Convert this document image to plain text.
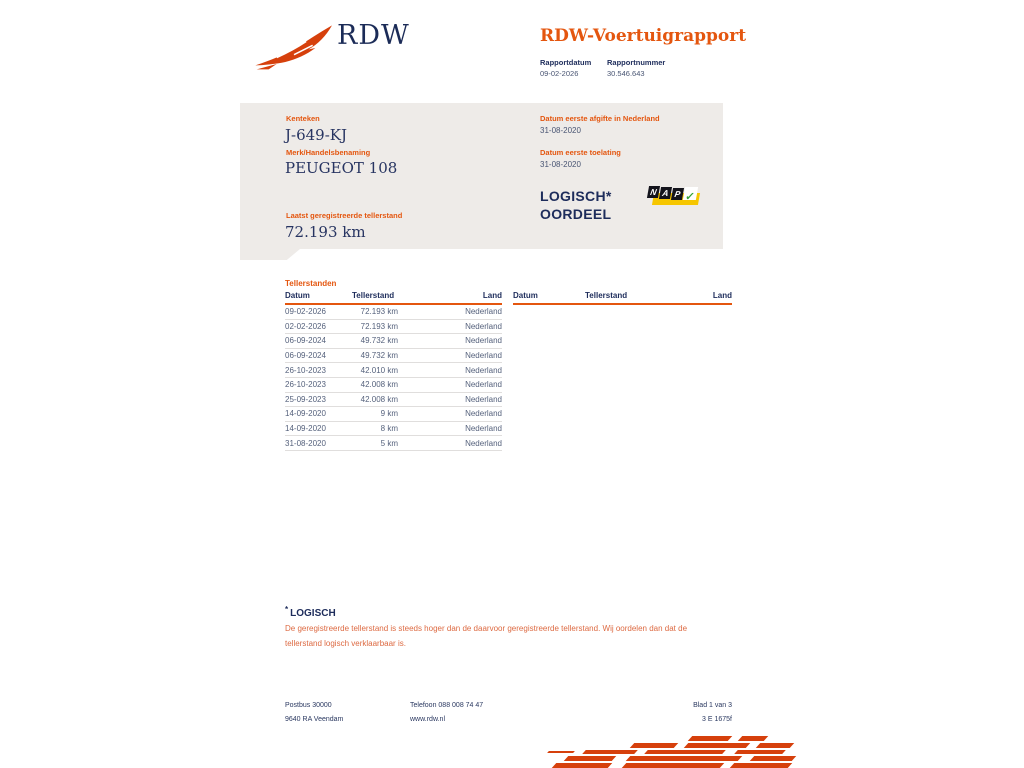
RDW	RDW-Voertuigrapport
Rapportdatum Rapportnummer
09-02-2026	30.546.643
Kenteken
J-649-KJ
Merk/Handelsbenaming
PEUGEOT 108
Laatst geregistreerde tellerstand
72.193 km
Datum eerste afgifte in Nederland
31-08-2020
Datum eerste toelating
31-08-2020
LOGISCH*
OORDEEL
N A P ✓
Tellerstanden
Datum	Tellerstand	Land
09-02-2026	72.193 km	Nederland
02-02-2026	72.193 km	Nederland
06-09-2024	49.732 km	Nederland
06-09-2024	49.732 km	Nederland
26-10-2023	42.010 km	Nederland
26-10-2023	42.008 km	Nederland
25-09-2023	42.008 km	Nederland
14-09-2020	9 km	Nederland
14-09-2020	8 km	Nederland
31-08-2020	5 km	Nederland
Datum	Tellerstand	Land
* LOGISCH
De geregistreerde tellerstand is steeds hoger dan de daarvoor geregistreerde tellerstand. Wij oordelen dan dat de tellerstand logisch verklaarbaar is.
Postbus 30000
9640 RA Veendam
Telefoon 088 008 74 47
www.rdw.nl
Blad 1 van 3
3 E 1675f
